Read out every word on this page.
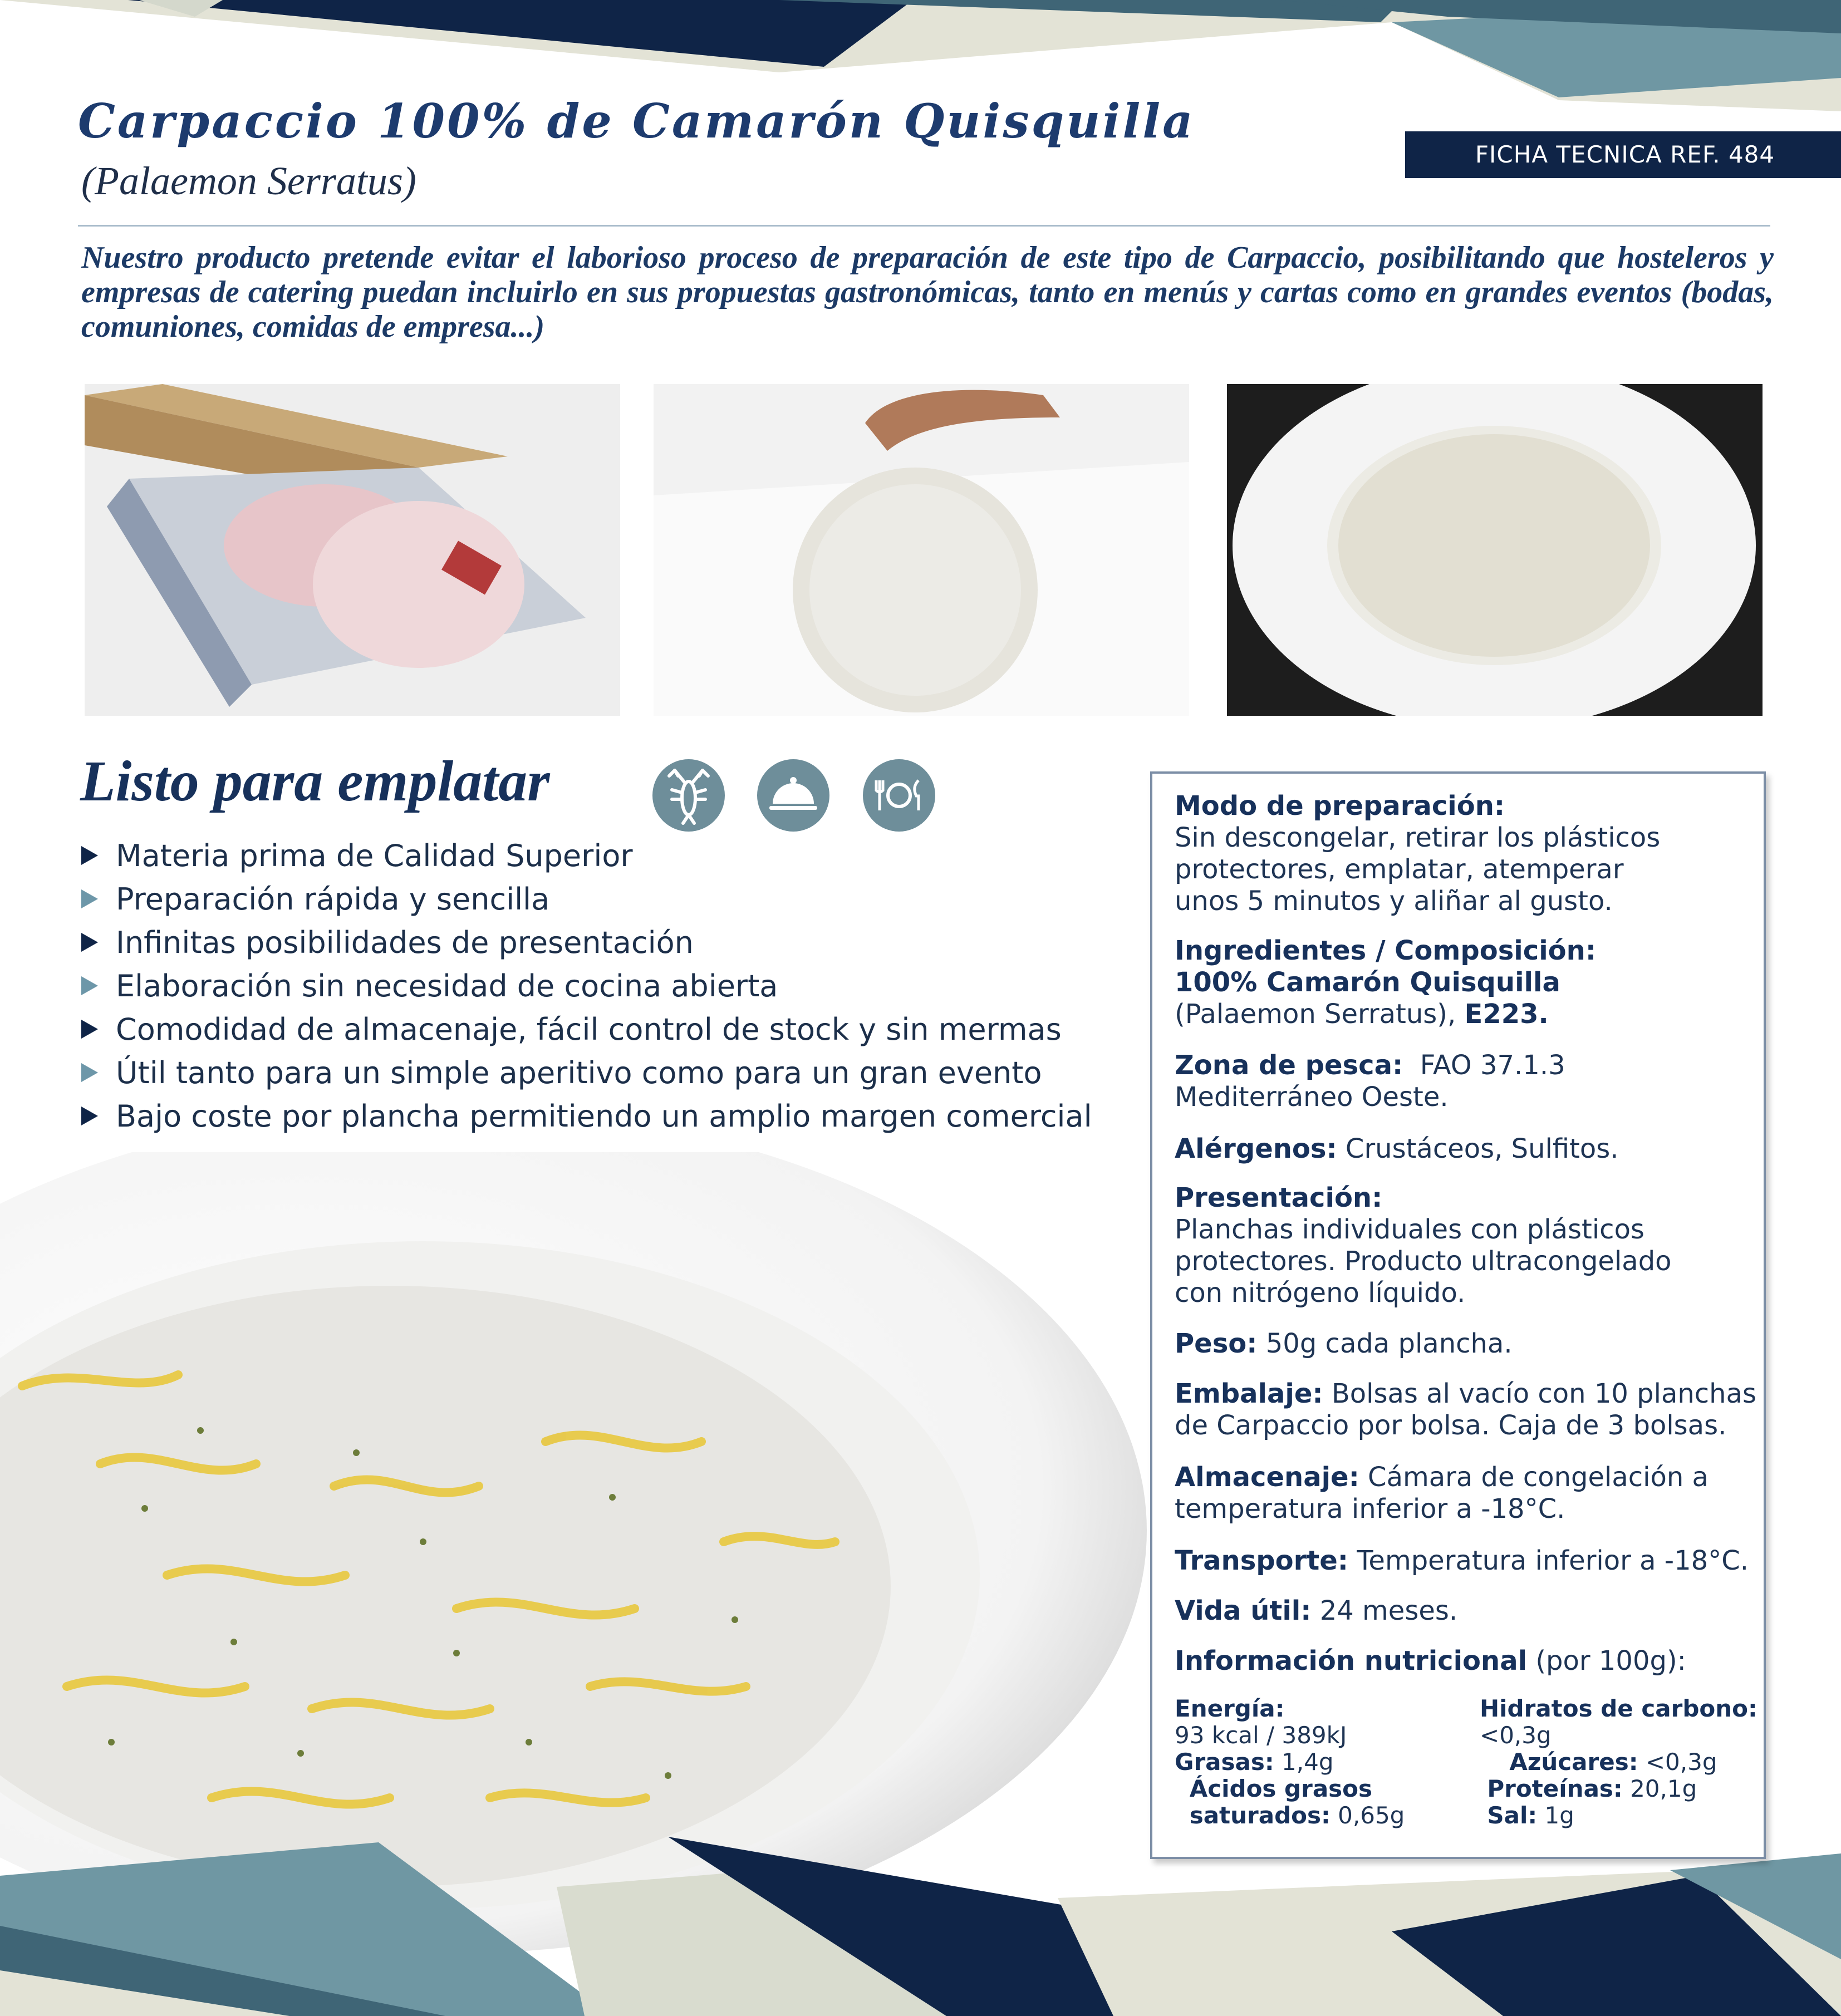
Carpaccio 100% de Camarón Quisquilla
(Palaemon Serratus)
FICHA TECNICA REF. 484
Nuestro producto pretende evitar el laborioso proceso de preparación de este tipo de Carpaccio, posibilitando que hosteleros y empresas de catering puedan incluirlo en sus propuestas gastronómicas, tanto en menús y cartas como en grandes eventos (bodas, comuniones, comidas de empresa...)
Listo para emplatar
Materia prima de Calidad Superior
Preparación rápida y sencilla
Infinitas posibilidades de presentación
Elaboración sin necesidad de cocina abierta
Comodidad de almacenaje, fácil control de stock y sin mermas
Útil tanto para un simple aperitivo como para un gran evento
Bajo coste por plancha permitiendo un amplio margen comercial
Modo de preparación:
Sin descongelar, retirar los plásticos
protectores, emplatar, atemperar
unos 5 minutos y aliñar al gusto.
Ingredientes / Composición:
100% Camarón Quisquilla
(Palaemon Serratus), E223.
Zona de pesca: FAO 37.1.3
Mediterráneo Oeste.
Alérgenos: Crustáceos, Sulfitos.
Presentación:
Planchas individuales con plásticos
protectores. Producto ultracongelado
con nitrógeno líquido.
Peso: 50g cada plancha.
Embalaje: Bolsas al vacío con 10 planchas
de Carpaccio por bolsa. Caja de 3 bolsas.
Almacenaje: Cámara de congelación a
temperatura inferior a -18°C.
Transporte: Temperatura inferior a -18°C.
Vida útil: 24 meses.
Información nutricional (por 100g):
Energía:
93 kcal / 389kJ
Grasas: 1,4g
Ácidos grasos
saturados: 0,65g
Hidratos de carbono:
<0,3g
Azúcares: <0,3g
Proteínas: 20,1g
Sal: 1g
